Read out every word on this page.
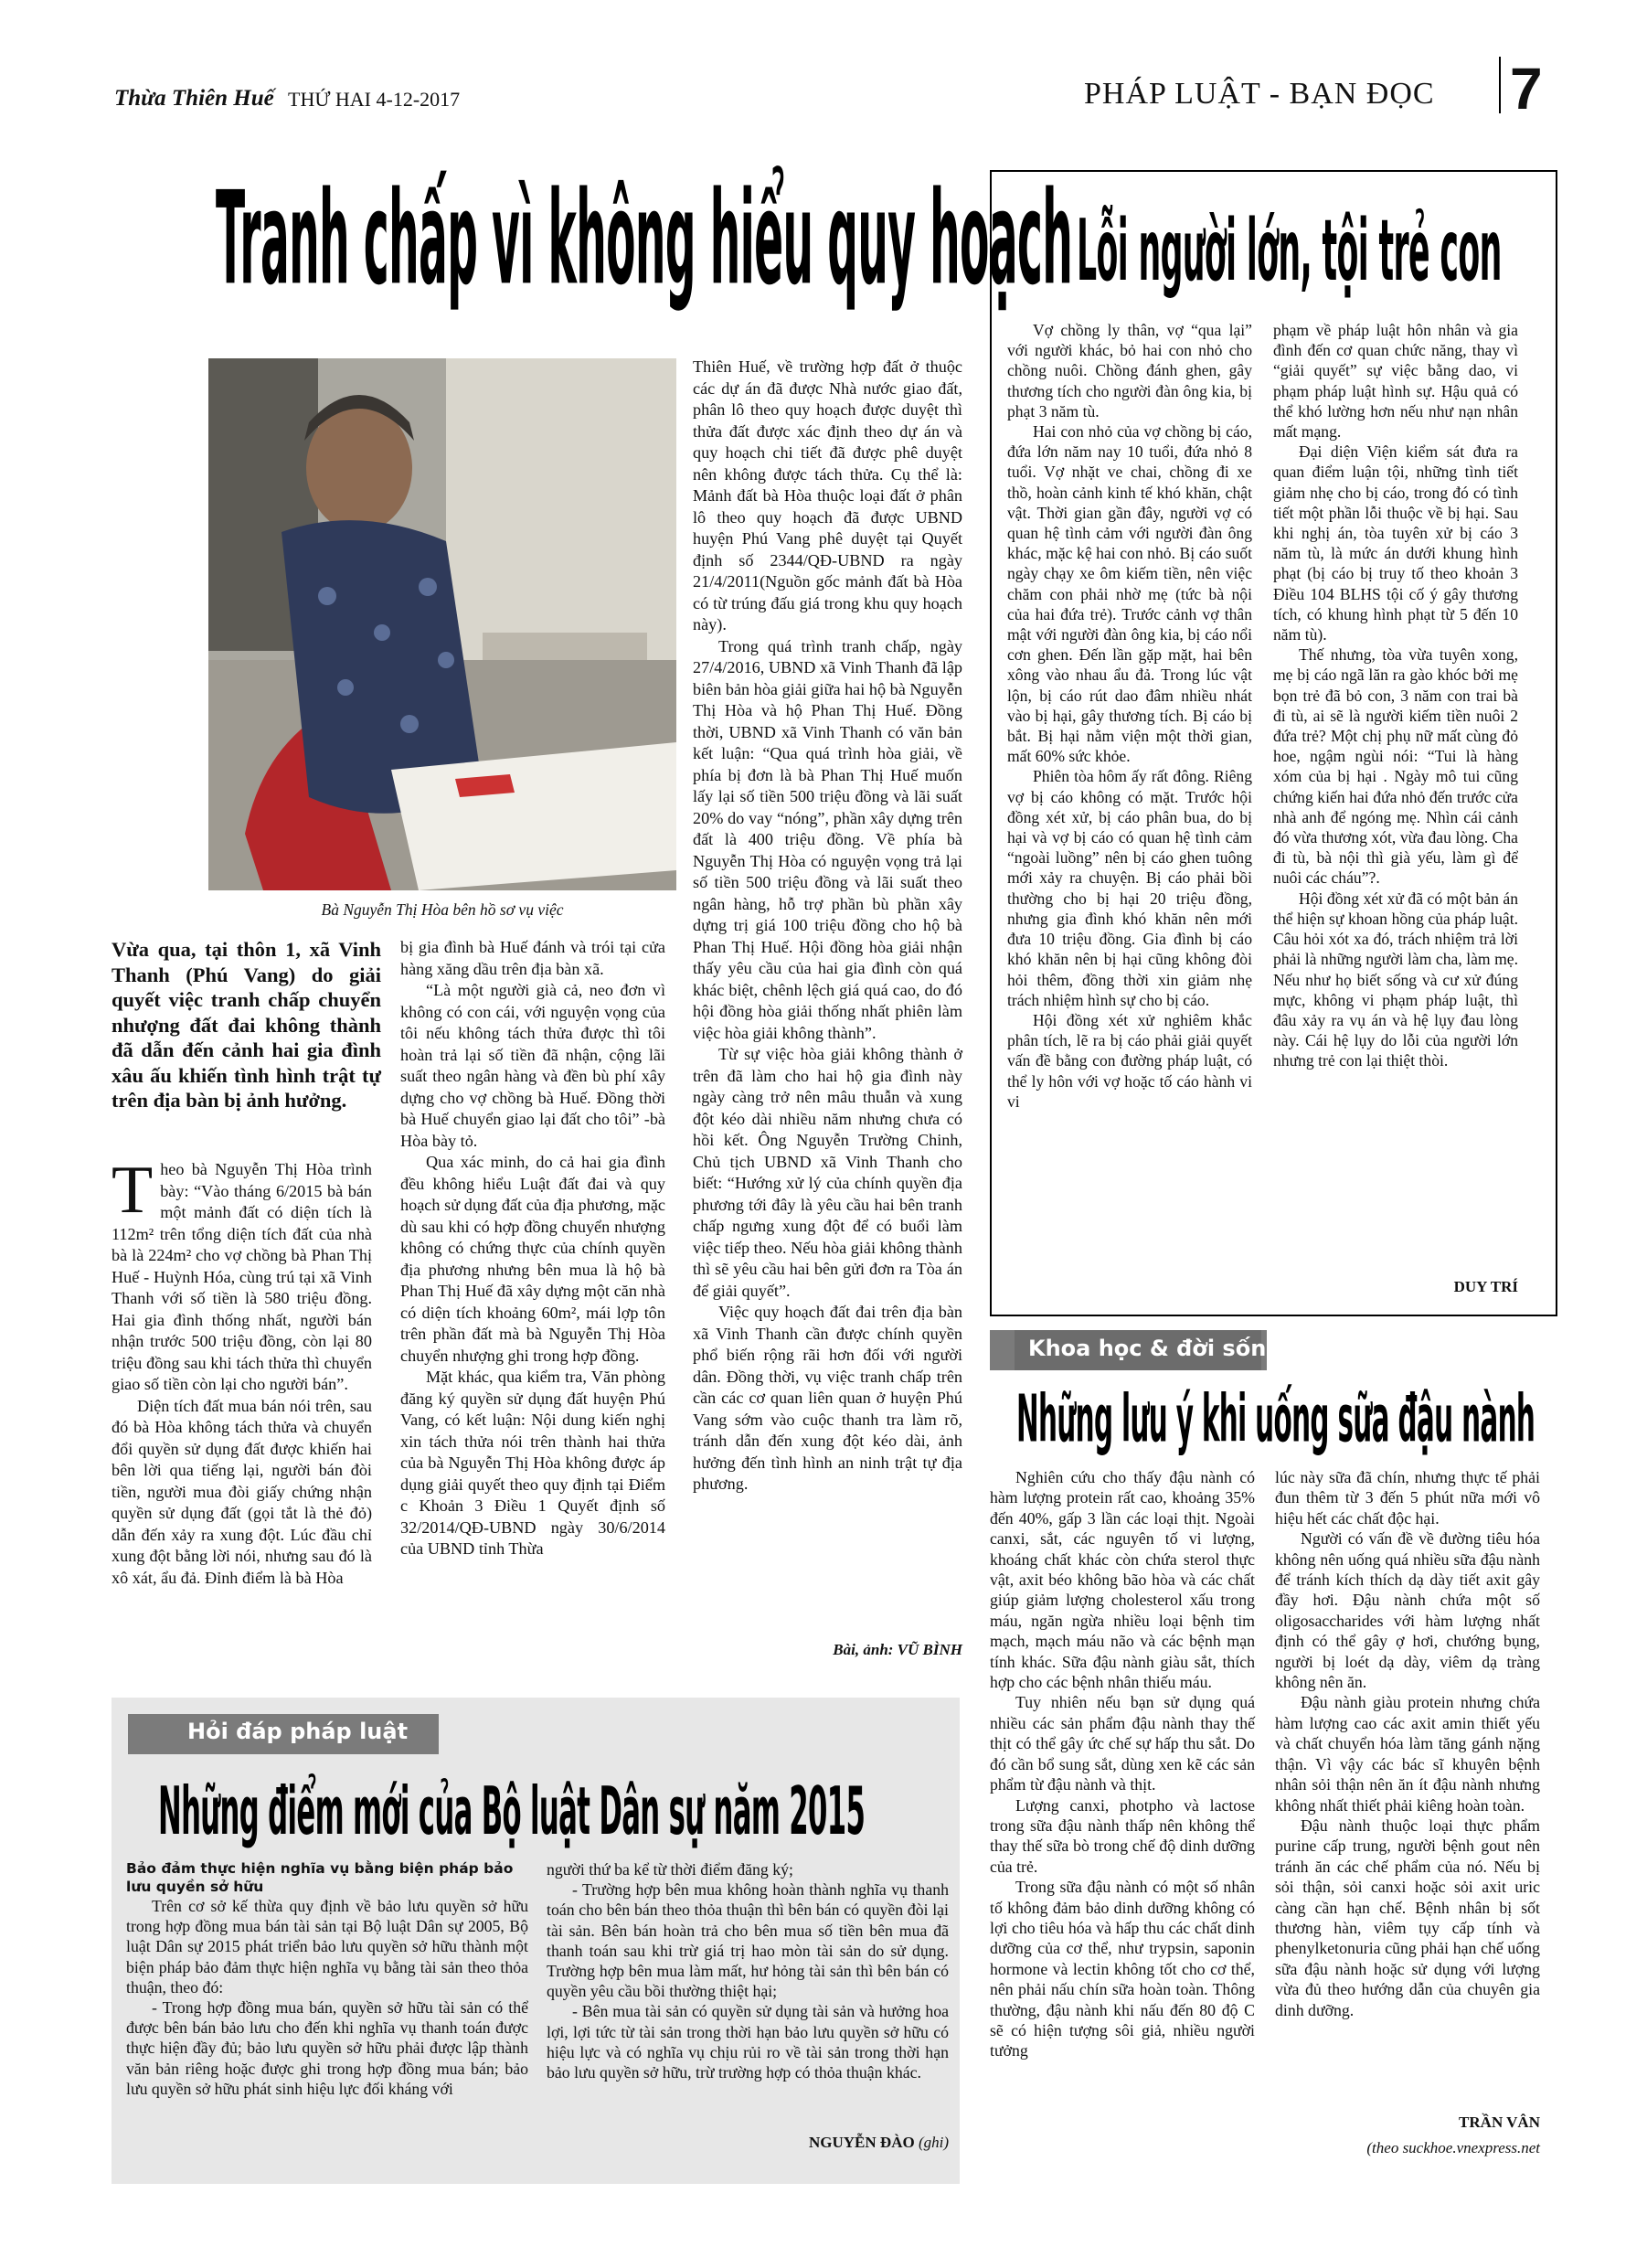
Thừa Thiên Huế THỨ HAI 4-12-2017	PHÁP LUẬT - BẠN ĐỌC 7
Tranh chấp vì không hiểu quy hoạch
Bà Nguyễn Thị Hòa bên hồ sơ vụ việc
Vừa qua, tại thôn 1, xã Vinh Thanh (Phú Vang) do giải quyết việc tranh chấp chuyển nhượng đất đai không thành đã dẫn đến cảnh hai gia đình xâu ấu khiến tình hình trật tự trên địa bàn bị ảnh hưởng.

Theo bà Nguyễn Thị Hòa trình bày: “Vào tháng 6/2015 bà bán một mảnh đất có diện tích là 112m² trên tổng diện tích đất của nhà bà là 224m² cho vợ chồng bà Phan Thị Huế - Huỳnh Hóa, cùng trú tại xã Vinh Thanh với số tiền là 580 triệu đồng. Hai gia đình thống nhất, người bán nhận trước 500 triệu đồng, còn lại 80 triệu đồng sau khi tách thửa thì chuyển giao số tiền còn lại cho người bán”.

Diện tích đất mua bán nói trên, sau đó bà Hòa không tách thửa và chuyển đổi quyền sử dụng đất được khiến hai bên lời qua tiếng lại, người bán đòi tiền, người mua đòi giấy chứng nhận quyền sử dụng đất (gọi tắt là thẻ đỏ) dẫn đến xảy ra xung đột. Lúc đầu chỉ xung đột bằng lời nói, nhưng sau đó là xô xát, ẩu đả. Đỉnh điểm là bà Hòa

bị gia đình bà Huế đánh và trói tại cửa hàng xăng dầu trên địa bàn xã.

“Là một người già cả, neo đơn vì không có con cái, với nguyện vọng của tôi nếu không tách thửa được thì tôi hoàn trả lại số tiền đã nhận, cộng lãi suất theo ngân hàng và đền bù phí xây dựng cho vợ chồng bà Huế. Đồng thời bà Huế chuyển giao lại đất cho tôi” -bà Hòa bày tỏ.

Qua xác minh, do cả hai gia đình đều không hiểu Luật đất đai và quy hoạch sử dụng đất của địa phương, mặc dù sau khi có hợp đồng chuyển nhượng không có chứng thực của chính quyền địa phương nhưng bên mua là hộ bà Phan Thị Huế đã xây dựng một căn nhà có diện tích khoảng 60m², mái lợp tôn trên phần đất mà bà Nguyễn Thị Hòa chuyển nhượng ghi trong hợp đồng.

Mặt khác, qua kiểm tra, Văn phòng đăng ký quyền sử dụng đất huyện Phú Vang, có kết luận: Nội dung kiến nghị xin tách thửa nói trên thành hai thửa của bà Nguyễn Thị Hòa không được áp dụng giải quyết theo quy định tại Điểm c Khoản 3 Điều 1 Quyết định số 32/2014/QĐ-UBND ngày 30/6/2014 của UBND tỉnh Thừa

Thiên Huế, về trường hợp đất ở thuộc các dự án đã được Nhà nước giao đất, phân lô theo quy hoạch được duyệt thì thửa đất được xác định theo dự án và quy hoạch chi tiết đã được phê duyệt nên không được tách thửa. Cụ thể là: Mảnh đất bà Hòa thuộc loại đất ở phân lô theo quy hoạch đã được UBND huyện Phú Vang phê duyệt tại Quyết định số 2344/QĐ-UBND ra ngày 21/4/2011(Nguồn gốc mảnh đất bà Hòa có từ trúng đấu giá trong khu quy hoạch này).

Trong quá trình tranh chấp, ngày 27/4/2016, UBND xã Vinh Thanh đã lập biên bản hòa giải giữa hai hộ bà Nguyễn Thị Hòa và hộ Phan Thị Huế. Đồng thời, UBND xã Vinh Thanh có văn bản kết luận: “Qua quá trình hòa giải, về phía bị đơn là bà Phan Thị Huế muốn lấy lại số tiền 500 triệu đồng và lãi suất 20% do vay “nóng”, phần xây dựng trên đất là 400 triệu đồng. Về phía bà Nguyễn Thị Hòa có nguyện vọng trả lại số tiền 500 triệu đồng và lãi suất theo ngân hàng, hỗ trợ phần bù phần xây dựng trị giá 100 triệu đồng cho hộ bà Phan Thị Huế. Hội đồng hòa giải nhận thấy yêu cầu của hai gia đình còn quá khác biệt, chênh lệch giá quá cao, do đó hội đồng hòa giải thống nhất phiên làm việc hòa giải không thành”.

Từ sự việc hòa giải không thành ở trên đã làm cho hai hộ gia đình này ngày càng trở nên mâu thuẫn và xung đột kéo dài nhiều năm nhưng chưa có hồi kết. Ông Nguyễn Trường Chinh, Chủ tịch UBND xã Vinh Thanh cho biết: “Hướng xử lý của chính quyền địa phương tới đây là yêu cầu hai bên tranh chấp ngưng xung đột để có buổi làm việc tiếp theo. Nếu hòa giải không thành thì sẽ yêu cầu hai bên gửi đơn ra Tòa án để giải quyết”.

Việc quy hoạch đất đai trên địa bàn xã Vinh Thanh cần được chính quyền phổ biến rộng rãi hơn đối với người dân. Đồng thời, vụ việc tranh chấp trên cần các cơ quan liên quan ở huyện Phú Vang sớm vào cuộc thanh tra làm rõ, tránh dẫn đến xung đột kéo dài, ảnh hưởng đến tình hình an ninh trật tự địa phương.

Bài, ảnh: VŨ BÌNH
Lỗi người lớn, tội trẻ con

Vợ chồng ly thân, vợ “qua lại” với người khác, bỏ hai con nhỏ cho chồng nuôi. Chồng đánh ghen, gây thương tích cho người đàn ông kia, bị phạt 3 năm tù.

Hai con nhỏ của vợ chồng bị cáo, đứa lớn năm nay 10 tuổi, đứa nhỏ 8 tuổi. Vợ nhặt ve chai, chồng đi xe thồ, hoàn cảnh kinh tế khó khăn, chật vật. Thời gian gần đây, người vợ có quan hệ tình cảm với người đàn ông khác, mặc kệ hai con nhỏ. Bị cáo suốt ngày chạy xe ôm kiếm tiền, nên việc chăm con phải nhờ mẹ (tức bà nội của hai đứa trẻ). Trước cảnh vợ thân mật với người đàn ông kia, bị cáo nổi cơn ghen. Đến lần gặp mặt, hai bên xông vào nhau ẩu đả. Trong lúc vật lộn, bị cáo rút dao đâm nhiều nhát vào bị hại, gây thương tích. Bị cáo bị bắt. Bị hại nằm viện một thời gian, mất 60% sức khỏe.

Phiên tòa hôm ấy rất đông. Riêng vợ bị cáo không có mặt. Trước hội đồng xét xử, bị cáo phân bua, do bị hại và vợ bị cáo có quan hệ tình cảm “ngoài luồng” nên bị cáo ghen tuông mới xảy ra chuyện. Bị cáo phải bồi thường cho bị hại 20 triệu đồng, nhưng gia đình khó khăn nên mới đưa 10 triệu đồng. Gia đình bị cáo khó khăn nên bị hại cũng không đòi hỏi thêm, đồng thời xin giảm nhẹ trách nhiệm hình sự cho bị cáo.

Hội đồng xét xử nghiêm khắc phân tích, lẽ ra bị cáo phải giải quyết vấn đề bằng con đường pháp luật, có thể ly hôn với vợ hoặc tố cáo hành vi vi

phạm về pháp luật hôn nhân và gia đình đến cơ quan chức năng, thay vì “giải quyết” sự việc bằng dao, vi phạm pháp luật hình sự. Hậu quả có thể khó lường hơn nếu như nạn nhân mất mạng.

Đại diện Viện kiểm sát đưa ra quan điểm luận tội, những tình tiết giảm nhẹ cho bị cáo, trong đó có tình tiết một phần lỗi thuộc về bị hại. Sau khi nghị án, tòa tuyên xử bị cáo 3 năm tù, là mức án dưới khung hình phạt (bị cáo bị truy tố theo khoản 3 Điều 104 BLHS tội cố ý gây thương tích, có khung hình phạt từ 5 đến 10 năm tù).

Thế nhưng, tòa vừa tuyên xong, mẹ bị cáo ngã lăn ra gào khóc bởi mẹ bọn trẻ đã bỏ con, 3 năm con trai bà đi tù, ai sẽ là người kiếm tiền nuôi 2 đứa trẻ? Một chị phụ nữ mất cùng đỏ hoe, ngậm ngùi nói: “Tui là hàng xóm của bị hại . Ngày mô tui cũng chứng kiến hai đứa nhỏ đến trước cửa nhà anh để ngóng mẹ. Nhìn cái cảnh đó vừa thương xót, vừa đau lòng. Cha đi tù, bà nội thì già yếu, làm gì để nuôi các cháu”?.

Hội đồng xét xử đã có một bản án thể hiện sự khoan hồng của pháp luật. Câu hỏi xót xa đó, trách nhiệm trả lời phải là những người làm cha, làm mẹ. Nếu như họ biết sống và cư xử đúng mực, không vi phạm pháp luật, thì đâu xảy ra vụ án và hệ lụy đau lòng này. Cái hệ lụy do lỗi của người lớn nhưng trẻ con lại thiệt thòi.

DUY TRÍ
Khoa học & đời sống
Những lưu ý khi uống sữa đậu nành

Nghiên cứu cho thấy đậu nành có hàm lượng protein rất cao, khoảng 35% đến 40%, gấp 3 lần các loại thịt. Ngoài canxi, sắt, các nguyên tố vi lượng, khoáng chất khác còn chứa sterol thực vật, axit béo không bão hòa và các chất giúp giảm lượng cholesterol xấu trong máu, ngăn ngừa nhiều loại bệnh tim mạch, mạch máu não và các bệnh mạn tính khác. Sữa đậu nành giàu sắt, thích hợp cho các bệnh nhân thiếu máu.

Tuy nhiên nếu bạn sử dụng quá nhiều các sản phẩm đậu nành thay thế thịt có thể gây ức chế sự hấp thu sắt. Do đó cần bổ sung sắt, dùng xen kẽ các sản phẩm từ đậu nành và thịt.

Lượng canxi, photpho và lactose trong sữa đậu nành thấp nên không thể thay thế sữa bò trong chế độ dinh dưỡng của trẻ.

Trong sữa đậu nành có một số nhân tố không đảm bảo dinh dưỡng không có lợi cho tiêu hóa và hấp thu các chất dinh dưỡng của cơ thể, như trypsin, saponin hormone và lectin không tốt cho cơ thể, nên phải nấu chín sữa hoàn toàn. Thông thường, đậu nành khi nấu đến 80 độ C sẽ có hiện tượng sôi giả, nhiều người tưởng

lúc này sữa đã chín, nhưng thực tế phải đun thêm từ 3 đến 5 phút nữa mới vô hiệu hết các chất độc hại.

Người có vấn đề về đường tiêu hóa không nên uống quá nhiều sữa đậu nành để tránh kích thích dạ dày tiết axit gây đầy hơi. Đậu nành chứa một số oligosaccharides với hàm lượng nhất định có thể gây ợ hơi, chướng bụng, người bị loét dạ dày, viêm dạ tràng không nên ăn.

Đậu nành giàu protein nhưng chứa hàm lượng cao các axit amin thiết yếu và chất chuyển hóa làm tăng gánh nặng thận. Vì vậy các bác sĩ khuyên bệnh nhân sỏi thận nên ăn ít đậu nành nhưng không nhất thiết phải kiêng hoàn toàn.

Đậu nành thuộc loại thực phẩm purine cấp trung, người bệnh gout nên tránh ăn các chế phẩm của nó. Nếu bị sỏi thận, sỏi canxi hoặc sỏi axit uric càng cần hạn chế. Bệnh nhân bị sốt thương hàn, viêm tụy cấp tính và phenylketonuria cũng phải hạn chế uống sữa đậu nành hoặc sử dụng với lượng vừa đủ theo hướng dẫn của chuyên gia dinh dưỡng.

TRẦN VÂN
(theo suckhoe.vnexpress.net
Hỏi đáp pháp luật
Những điểm mới của Bộ luật Dân sự năm 2015

Bảo đảm thực hiện nghĩa vụ bằng biện pháp bảo lưu quyền sở hữu

Trên cơ sở kế thừa quy định về bảo lưu quyền sở hữu trong hợp đồng mua bán tài sản tại Bộ luật Dân sự 2005, Bộ luật Dân sự 2015 phát triển bảo lưu quyền sở hữu thành một biện pháp bảo đảm thực hiện nghĩa vụ bằng tài sản theo thỏa thuận, theo đó:

- Trong hợp đồng mua bán, quyền sở hữu tài sản có thể được bên bán bảo lưu cho đến khi nghĩa vụ thanh toán được thực hiện đầy đủ; bảo lưu quyền sở hữu phải được lập thành văn bản riêng hoặc được ghi trong hợp đồng mua bán; bảo lưu quyền sở hữu phát sinh hiệu lực đối kháng với

người thứ ba kể từ thời điểm đăng ký;

- Trường hợp bên mua không hoàn thành nghĩa vụ thanh toán cho bên bán theo thỏa thuận thì bên bán có quyền đòi lại tài sản. Bên bán hoàn trả cho bên mua số tiền bên mua đã thanh toán sau khi trừ giá trị hao mòn tài sản do sử dụng. Trường hợp bên mua làm mất, hư hỏng tài sản thì bên bán có quyền yêu cầu bồi thường thiệt hại;

- Bên mua tài sản có quyền sử dụng tài sản và hưởng hoa lợi, lợi tức từ tài sản trong thời hạn bảo lưu quyền sở hữu có hiệu lực và có nghĩa vụ chịu rủi ro về tài sản trong thời hạn bảo lưu quyền sở hữu, trừ trường hợp có thỏa thuận khác.

NGUYỄN ĐÀO (ghi)
